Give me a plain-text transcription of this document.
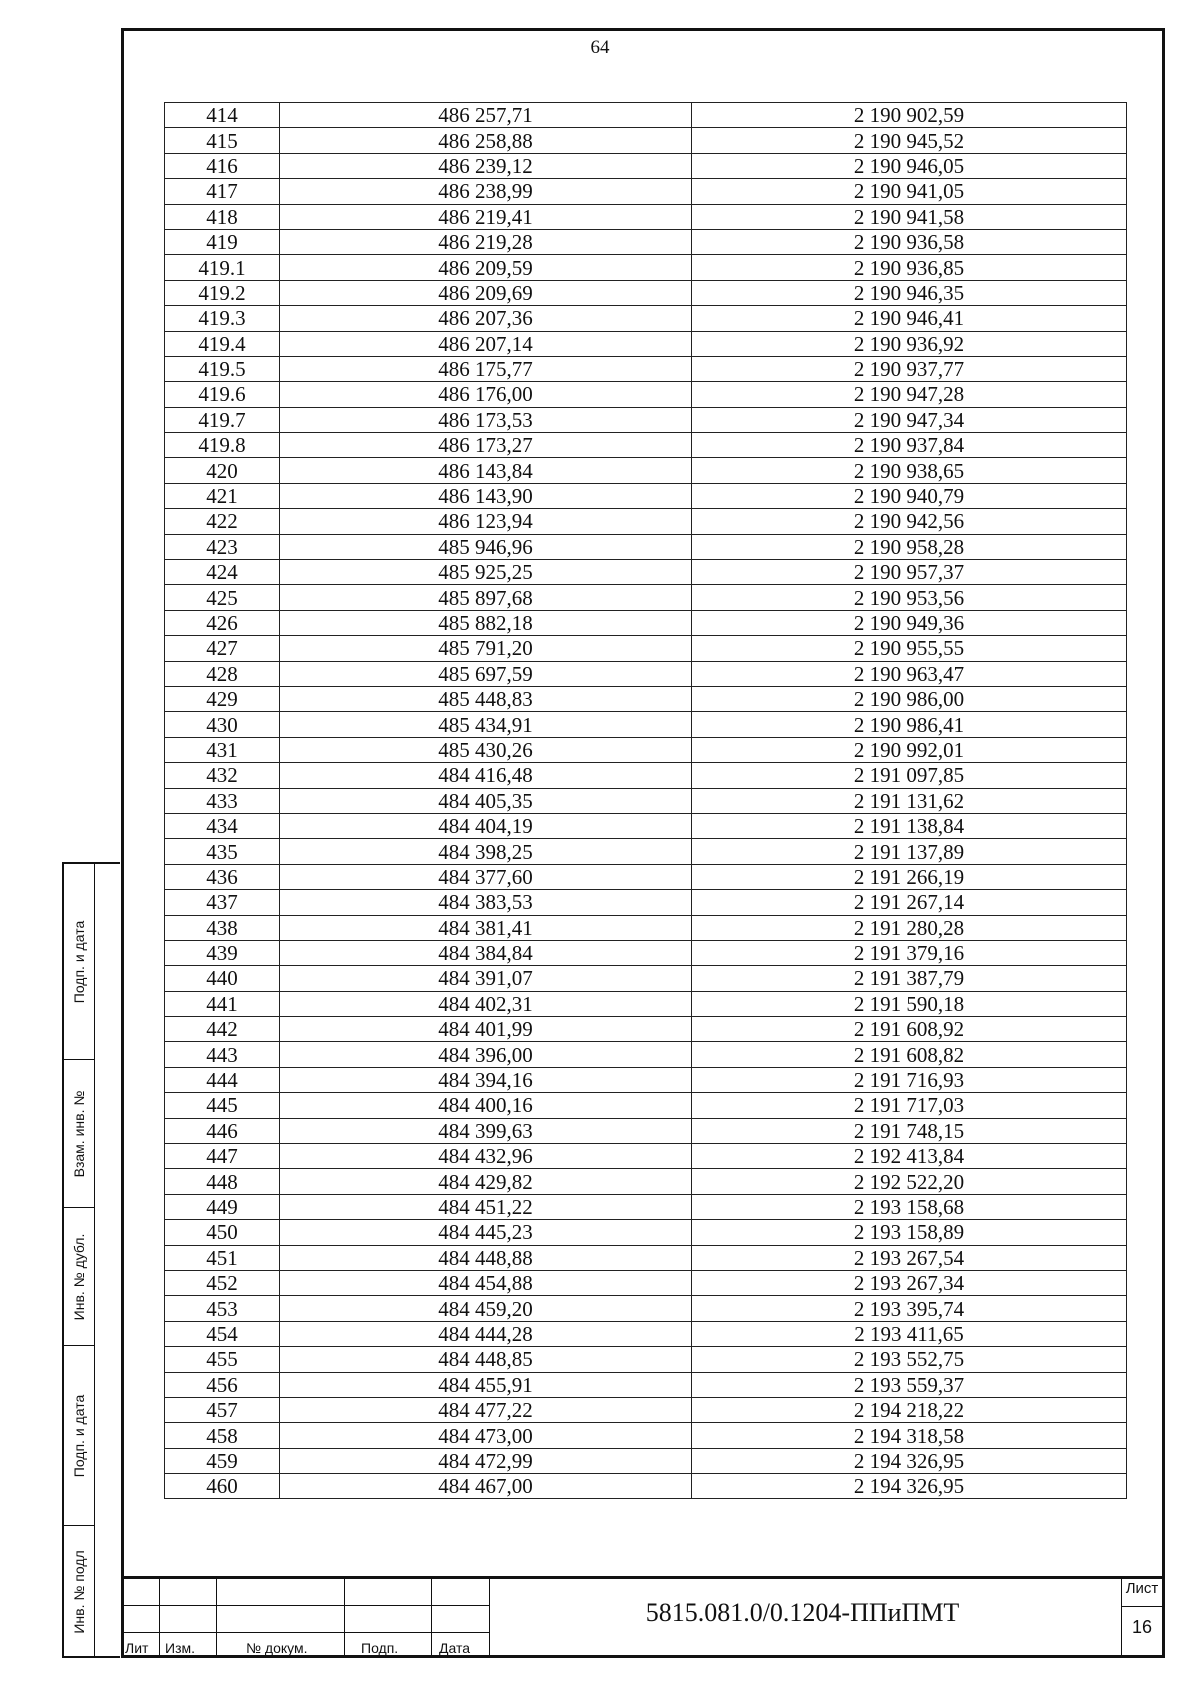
64
414	486 257,71	2 190 902,59
415	486 258,88	2 190 945,52
416	486 239,12	2 190 946,05
417	486 238,99	2 190 941,05
418	486 219,41	2 190 941,58
419	486 219,28	2 190 936,58
419.1	486 209,59	2 190 936,85
419.2	486 209,69	2 190 946,35
419.3	486 207,36	2 190 946,41
419.4	486 207,14	2 190 936,92
419.5	486 175,77	2 190 937,77
419.6	486 176,00	2 190 947,28
419.7	486 173,53	2 190 947,34
419.8	486 173,27	2 190 937,84
420	486 143,84	2 190 938,65
421	486 143,90	2 190 940,79
422	486 123,94	2 190 942,56
423	485 946,96	2 190 958,28
424	485 925,25	2 190 957,37
425	485 897,68	2 190 953,56
426	485 882,18	2 190 949,36
427	485 791,20	2 190 955,55
428	485 697,59	2 190 963,47
429	485 448,83	2 190 986,00
430	485 434,91	2 190 986,41
431	485 430,26	2 190 992,01
432	484 416,48	2 191 097,85
433	484 405,35	2 191 131,62
434	484 404,19	2 191 138,84
435	484 398,25	2 191 137,89
436	484 377,60	2 191 266,19
437	484 383,53	2 191 267,14
438	484 381,41	2 191 280,28
439	484 384,84	2 191 379,16
440	484 391,07	2 191 387,79
441	484 402,31	2 191 590,18
442	484 401,99	2 191 608,92
443	484 396,00	2 191 608,82
444	484 394,16	2 191 716,93
445	484 400,16	2 191 717,03
446	484 399,63	2 191 748,15
447	484 432,96	2 192 413,84
448	484 429,82	2 192 522,20
449	484 451,22	2 193 158,68
450	484 445,23	2 193 158,89
451	484 448,88	2 193 267,54
452	484 454,88	2 193 267,34
453	484 459,20	2 193 395,74
454	484 444,28	2 193 411,65
455	484 448,85	2 193 552,75
456	484 455,91	2 193 559,37
457	484 477,22	2 194 218,22
458	484 473,00	2 194 318,58
459	484 472,99	2 194 326,95
460	484 467,00	2 194 326,95
Подп. и дата
Взам. инв. №
Инв. № дубл.
Подп. и дата
Инв. № подл
Лит Изм.	№ докум.	Подп.	Дата
5815.081.0/0.1204-ППиПМТ
Лист
16
